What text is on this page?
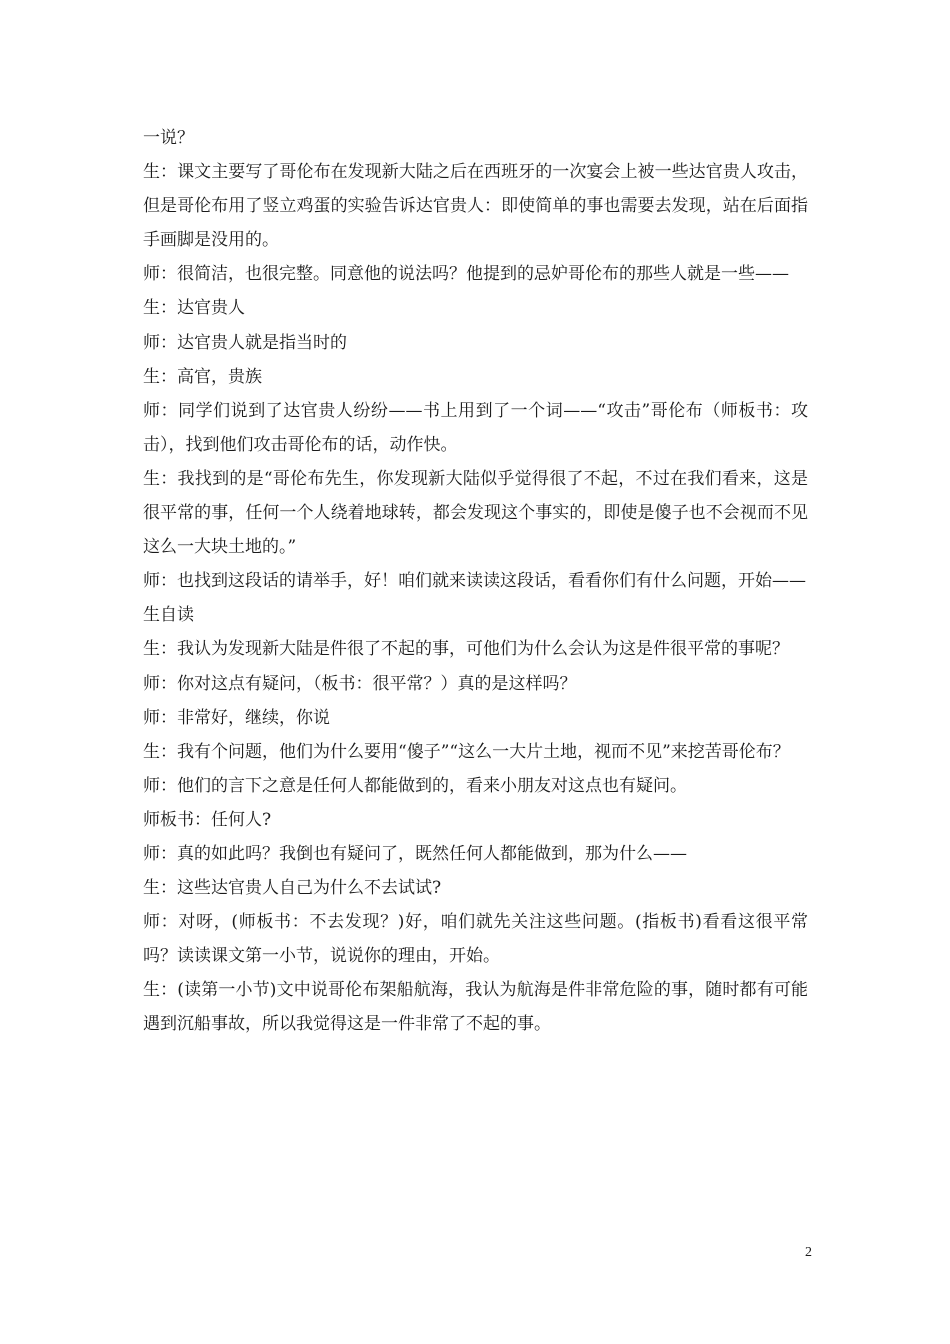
一说？

生：课文主要写了哥伦布在发现新大陆之后在西班牙的一次宴会上被一些达官贵人攻击，但是哥伦布用了竖立鸡蛋的实验告诉达官贵人：即使简单的事也需要去发现，站在后面指手画脚是没用的。

师：很简洁，也很完整。同意他的说法吗？他提到的忌妒哥伦布的那些人就是一些——

生：达官贵人

师：达官贵人就是指当时的

生：高官，贵族

师：同学们说到了达官贵人纷纷——书上用到了一个词——“攻击”哥伦布（师板书：攻击），找到他们攻击哥伦布的话，动作快。

生：我找到的是“哥伦布先生，你发现新大陆似乎觉得很了不起，不过在我们看来，这是很平常的事，任何一个人绕着地球转，都会发现这个事实的，即使是傻子也不会视而不见这么一大块土地的。”

师：也找到这段话的请举手，好！咱们就来读读这段话，看看你们有什么问题，开始——

生自读

生：我认为发现新大陆是件很了不起的事，可他们为什么会认为这是件很平常的事呢？

师：你对这点有疑问，（板书：很平常？）真的是这样吗？

师：非常好，继续，你说

生：我有个问题，他们为什么要用“傻子”“这么一大片土地，视而不见”来挖苦哥伦布？

师：他们的言下之意是任何人都能做到的，看来小朋友对这点也有疑问。

师板书：任何人?

师：真的如此吗？我倒也有疑问了，既然任何人都能做到，那为什么——

生：这些达官贵人自己为什么不去试试?

师：对呀，(师板书：不去发现？)好，咱们就先关注这些问题。(指板书)看看这很平常吗？读读课文第一小节，说说你的理由，开始。

生：(读第一小节)文中说哥伦布架船航海，我认为航海是件非常危险的事，随时都有可能遇到沉船事故，所以我觉得这是一件非常了不起的事。

2
